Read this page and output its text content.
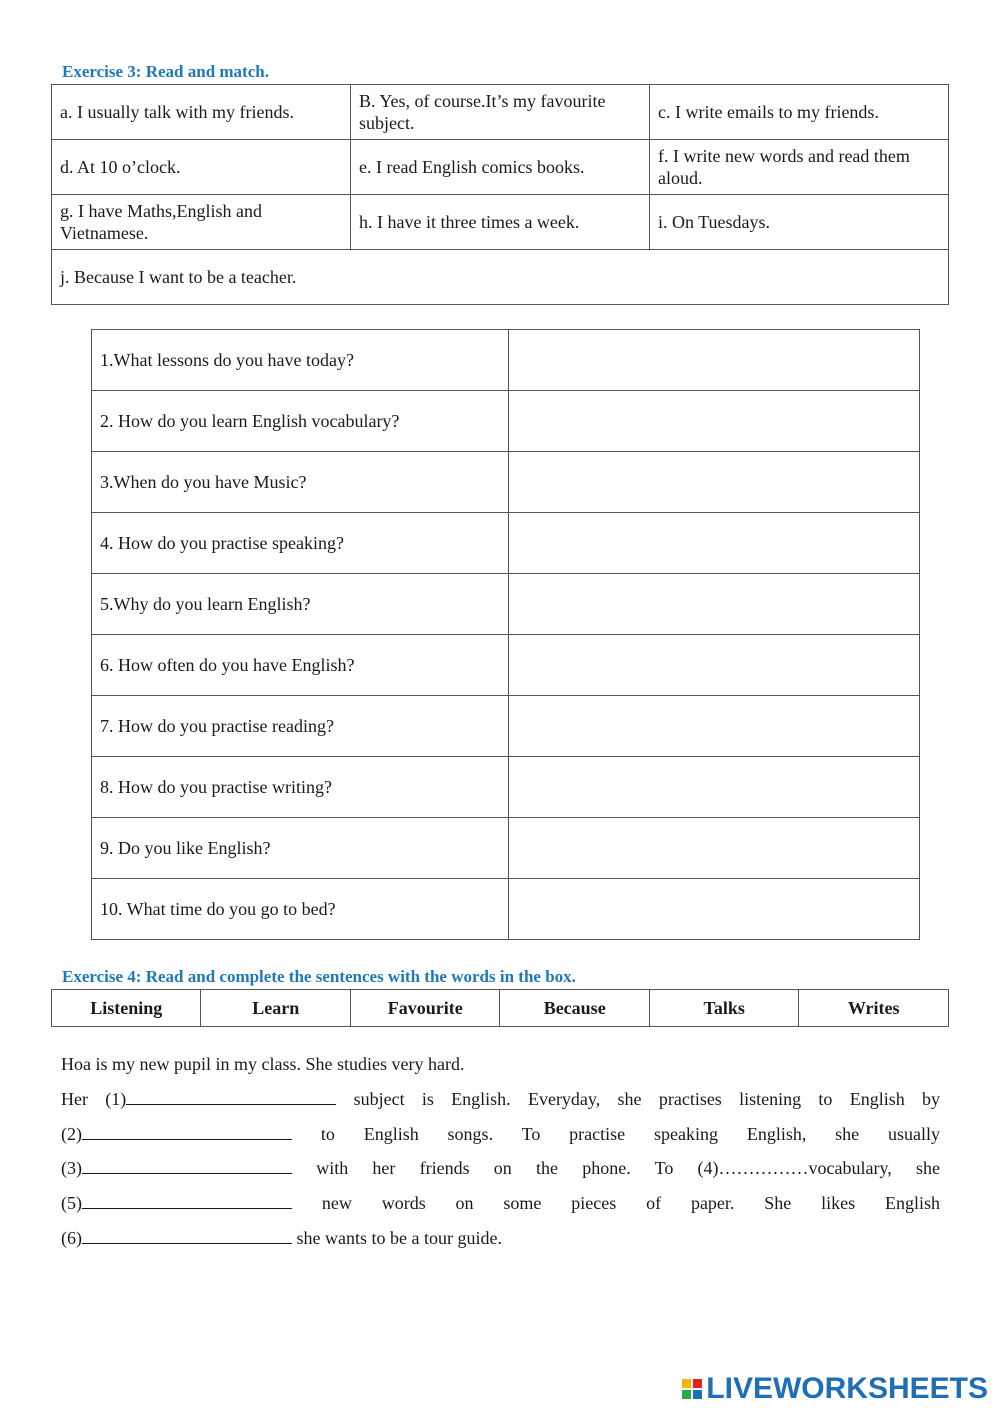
Exercise 3: Read and match.
a. I usually talk with my friends.	B. Yes, of course.It’s my favourite subject.	c. I write emails to my friends.
d. At 10 o’clock.	e. I read English comics books.	f. I write new words and read them aloud.
g. I have Maths,English and Vietnamese.	h. I have it three times a week.	i. On Tuesdays.
j. Because I want to be a teacher.		
1.What lessons do you have today?	
2. How do you learn English vocabulary?	
3.When do you have Music?	
4. How do you practise speaking?	
5.Why do you learn English?	
6. How often do you have English?	
7. How do you practise reading?	
8. How do you practise writing?	
9. Do you like English?	
10. What time do you go to bed?	
Exercise 4: Read and complete the sentences with the words in the box.
Listening	Learn	Favourite	Because	Talks	Writes

Hoa is my new pupil in my class. She studies very hard.

Her (1)	subject is English. Everyday, she practises listening to English by

(2)	to English songs. To practise speaking English, she usually

(3)	with her friends on the phone. To (4)……………vocabulary, she

(5)	new words on some pieces of paper. She likes English

(6)	she wants to be a tour guide.

LIVEWORKSHEETS
